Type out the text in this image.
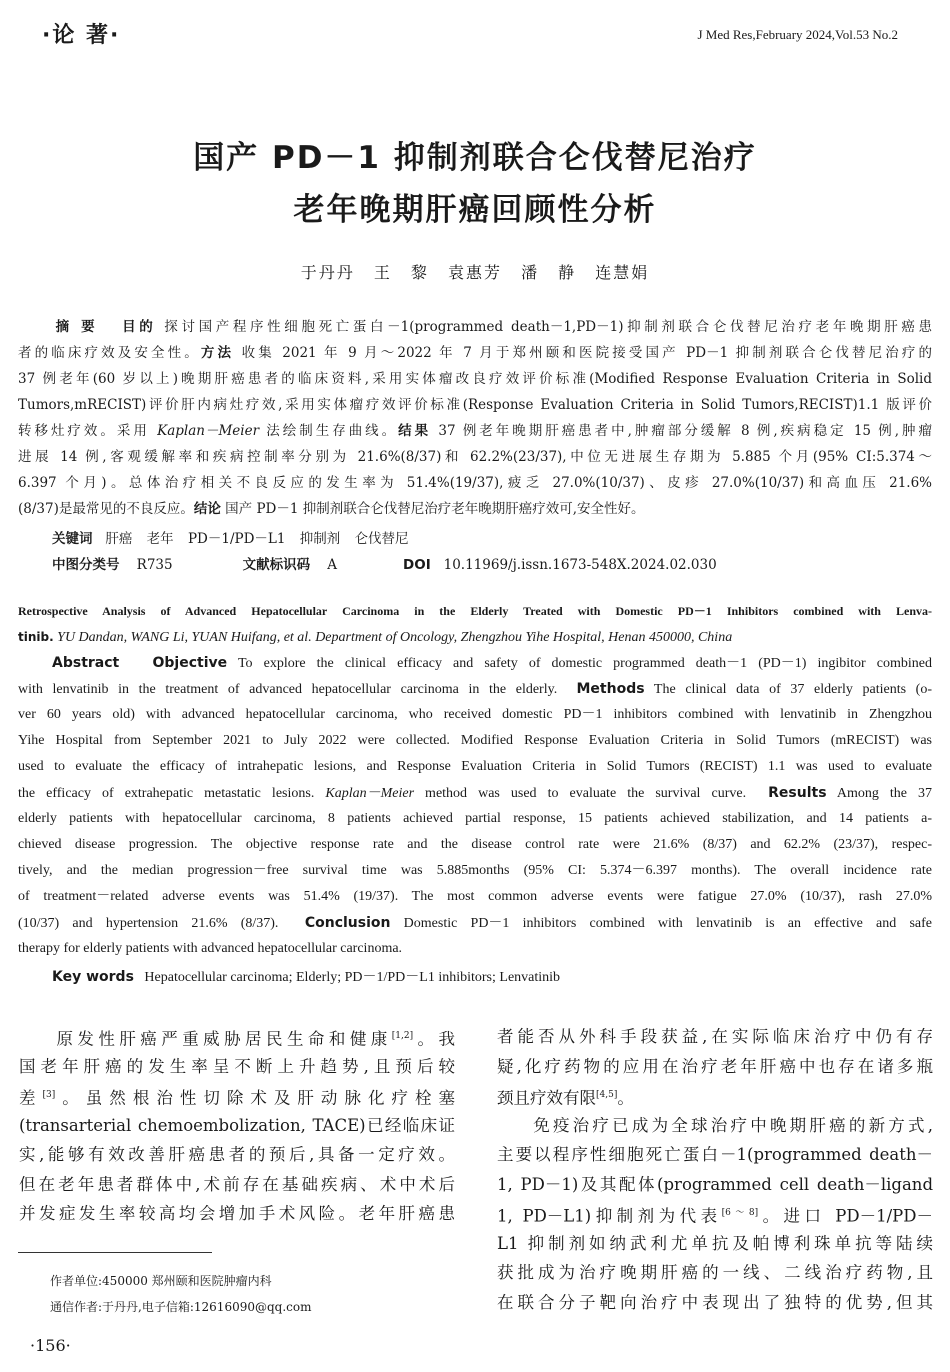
·论 著·	J Med Res,February 2024,Vol.53 No.2
国产 PD－1 抑制剂联合仑伐替尼治疗
老年晚期肝癌回顾性分析
于丹丹 王 黎 袁惠芳 潘 静 连慧娟
摘 要 目的 探讨国产程序性细胞死亡蛋白－1(programmed death－1,PD－1)抑制剂联合仑伐替尼治疗老年晚期肝癌患
者的临床疗效及安全性。方法 收集 2021 年 9 月～2022 年 7 月于郑州颐和医院接受国产 PD－1 抑制剂联合仑伐替尼治疗的
37 例老年(60 岁以上)晚期肝癌患者的临床资料,采用实体瘤改良疗效评价标准(Modified Response Evaluation Criteria in Solid
Tumors,mRECIST)评价肝内病灶疗效,采用实体瘤疗效评价标准(Response Evaluation Criteria in Solid Tumors,RECIST)1.1 版评价
转移灶疗效。采用 Kaplan－Meier 法绘制生存曲线。结果 37 例老年晚期肝癌患者中,肿瘤部分缓解 8 例,疾病稳定 15 例,肿瘤
进展 14 例,客观缓解率和疾病控制率分别为 21.6%(8/37)和 62.2%(23/37),中位无进展生存期为 5.885 个月(95% CI:5.374～
6.397 个月)。总体治疗相关不良反应的发生率为 51.4%(19/37),疲乏 27.0%(10/37)、皮疹 27.0%(10/37)和高血压 21.6%
(8/37)是最常见的不良反应。结论 国产 PD－1 抑制剂联合仑伐替尼治疗老年晚期肝癌疗效可,安全性好。
关键词 肝癌 老年 PD－1/PD－L1 抑制剂 仑伐替尼
中图分类号 R735	文献标识码 A	DOI 10.11969/j.issn.1673-548X.2024.02.030
Retrospective Analysis of Advanced Hepatocellular Carcinoma in the Elderly Treated with Domestic PD－1 Inhibitors combined with Lenva-
tinib. YU Dandan, WANG Li, YUAN Huifang, et al. Department of Oncology, Zhengzhou Yihe Hospital, Henan 450000, China
Abstract Objective To explore the clinical efficacy and safety of domestic programmed death－1 (PD－1) ingibitor combined
with lenvatinib in the treatment of advanced hepatocellular carcinoma in the elderly. Methods The clinical data of 37 elderly patients (o-
ver 60 years old) with advanced hepatocellular carcinoma, who received domestic PD－1 inhibitors combined with lenvatinib in Zhengzhou
Yihe Hospital from September 2021 to July 2022 were collected. Modified Response Evaluation Criteria in Solid Tumors (mRECIST) was
used to evaluate the efficacy of intrahepatic lesions, and Response Evaluation Criteria in Solid Tumors (RECIST) 1.1 was used to evaluate
the efficacy of extrahepatic metastatic lesions. Kaplan－Meier method was used to evaluate the survival curve. Results Among the 37
elderly patients with hepatocellular carcinoma, 8 patients achieved partial response, 15 patients achieved stabilization, and 14 patients a-
chieved disease progression. The objective response rate and the disease control rate were 21.6% (8/37) and 62.2% (23/37), respec-
tively, and the median progression－free survival time was 5.885months (95% CI: 5.374－6.397 months). The overall incidence rate
of treatment－related adverse events was 51.4% (19/37). The most common adverse events were fatigue 27.0% (10/37), rash 27.0%
(10/37) and hypertension 21.6% (8/37). Conclusion Domestic PD－1 inhibitors combined with lenvatinib is an effective and safe
therapy for elderly patients with advanced hepatocellular carcinoma.
Key words Hepatocellular carcinoma; Elderly; PD－1/PD－L1 inhibitors; Lenvatinib
原发性肝癌严重威胁居民生命和健康[1,2]。我
国老年肝癌的发生率呈不断上升趋势,且预后较
差[3]。虽然根治性切除术及肝动脉化疗栓塞
(transarterial chemoembolization, TACE)已经临床证
实,能够有效改善肝癌患者的预后,具备一定疗效。
但在老年患者群体中,术前存在基础疾病、术中术后
并发症发生率较高均会增加手术风险。老年肝癌患
者能否从外科手段获益,在实际临床治疗中仍有存
疑,化疗药物的应用在治疗老年肝癌中也存在诸多瓶
颈且疗效有限[4,5]。
免疫治疗已成为全球治疗中晚期肝癌的新方式,
主要以程序性细胞死亡蛋白－1(programmed death－
1, PD－1)及其配体(programmed cell death－ligand
1, PD－L1)抑制剂为代表[6～8]。进口 PD－1/PD－
L1 抑制剂如纳武利尤单抗及帕博利珠单抗等陆续
获批成为治疗晚期肝癌的一线、二线治疗药物,且
在联合分子靶向治疗中表现出了独特的优势,但其
作者单位:450000 郑州颐和医院肿瘤内科
通信作者:于丹丹,电子信箱:12616090@qq.com
·156·
